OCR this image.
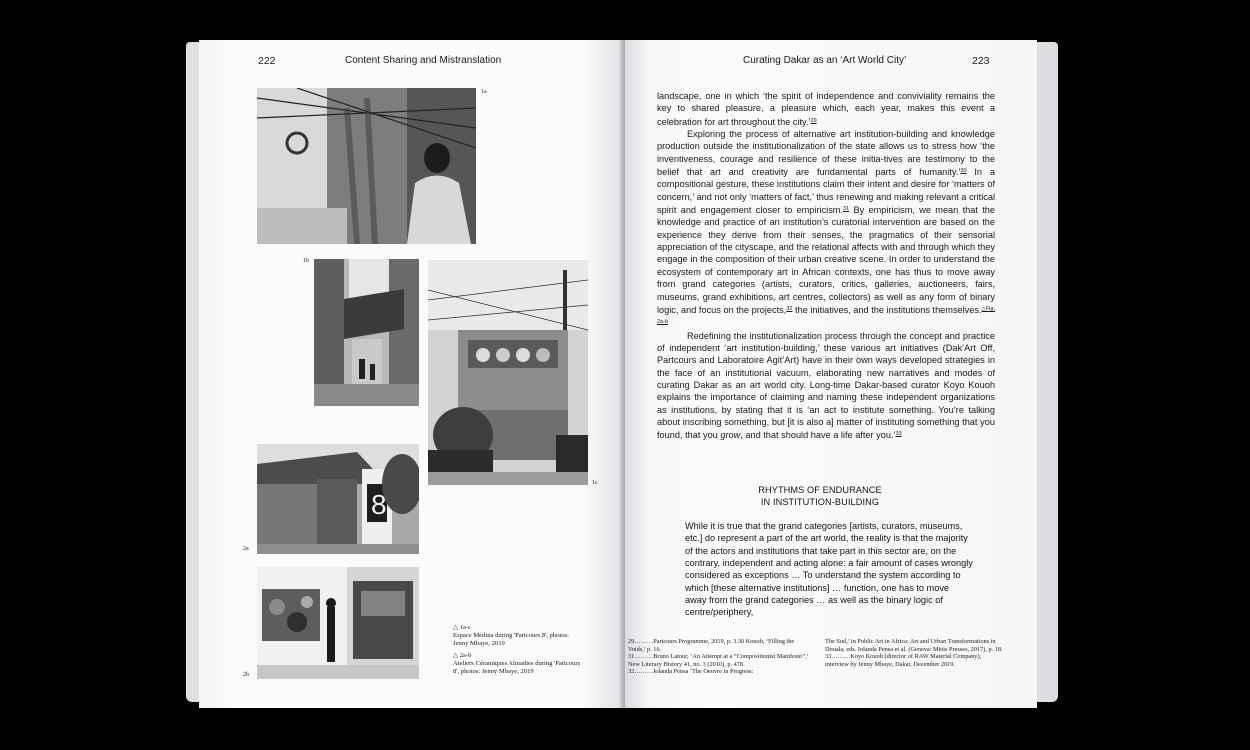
222	Content Sharing and Mistranslation
1a
1b
1c
8
2a
2b

△ 1a-c
Espace Médina during 'Partcours 8', photos: Jenny Mbaye, 2019

△ 2a-b
Ateliers Céramiques Almadies during 'Partcours 8', photos: Jenny Mbaye, 2019

Curating Dakar as an ‘Art World City’	223

landscape, one in which ‘the spirit of independence and conviviality remains the key to shared pleasure, a pleasure which, each year, makes this event a celebration for art throughout the city.’$^{29}$

Exploring the process of alternative art institution-building and knowledge production outside the institutionalization of the state allows us to stress how ‘the inventiveness, courage and resilience of these initia-tives are testimony to the belief that art and creativity are fundamental parts of humanity.’$^{30}$ In a compositional gesture, these institutions claim their intent and desire for ‘matters of concern,’ and not only ‘matters of fact,’ thus renewing and making relevant a critical spirit and engagement closer to empiricism.$^{31}$ By empiricism, we mean that the knowledge and practice of an institution’s curatorial intervention are based on the experience they derive from their senses, the pragmatics of their sensorial appreciation of the cityscape, and the relational affects with and through which they engage in the composition of their urban creative scene. In order to understand the ecosystem of contemporary art in African contexts, one has thus to move away from grand categories (artists, curators, critics, galleries, auctioneers, fairs, museums, grand exhibitions, art centres, collectors) as well as any form of binary logic, and focus on the projects,$^{32}$ the initiatives, and the institutions themselves.$^{\triangle Fig. 2a-b}$

Redefining the institutionalization process through the concept and practice of independent ‘art institution-building,’ these various art initiatives (Dak’Art Off, Partcours and Laboratoire Agit’Art) have in their own ways developed strategies in the face of an institutional vacuum, elaborating new narratives and modes of curating Dakar as an art world city. Long-time Dakar-based curator Koyo Kouoh explains the importance of claiming and naming these independent organizations as institutions, by stating that it is ‘an act to institute something. You’re talking about inscribing something, but [it is also a] matter of instituting something that you found, that you grow, and that should have a life after you.’$^{33}$

RHYTHMS OF ENDURANCE
IN INSTITUTION-BUILDING
While it is true that the grand categories [artists, curators, museums, etc.] do represent a part of the art world, the reality is that the majority of the actors and institutions that take part in this sector are, on the contrary, independent and acting alone: a fair amount of cases wrongly considered as exceptions … To understand the system according to which [these alternative institutions] … function, one has to move away from the grand categories … as well as the binary logic of centre/periphery,

29………Partcours Programme, 2019, p. 3.30 Kouoh, ‘Filling the Voids,’ p. 16.

31………Bruno Latour, ‘An Attempt at a “Compositionist Manifesto”,’ New Literary History 41, no. 3 (2010), p. 478.

32………Iolanda Pensa ‘The Oeuvre in Progress:

The Sud,’ in Public Art in Africa: Art and Urban Transformations in Douala, eds. Iolanda Pensa et al. (Geneva: Mētis Presses, 2017), p. 18.

33………Koyo Kouoh (director of RAW Material Company), interview by Jenny Mbaye, Dakar, December 2019.
